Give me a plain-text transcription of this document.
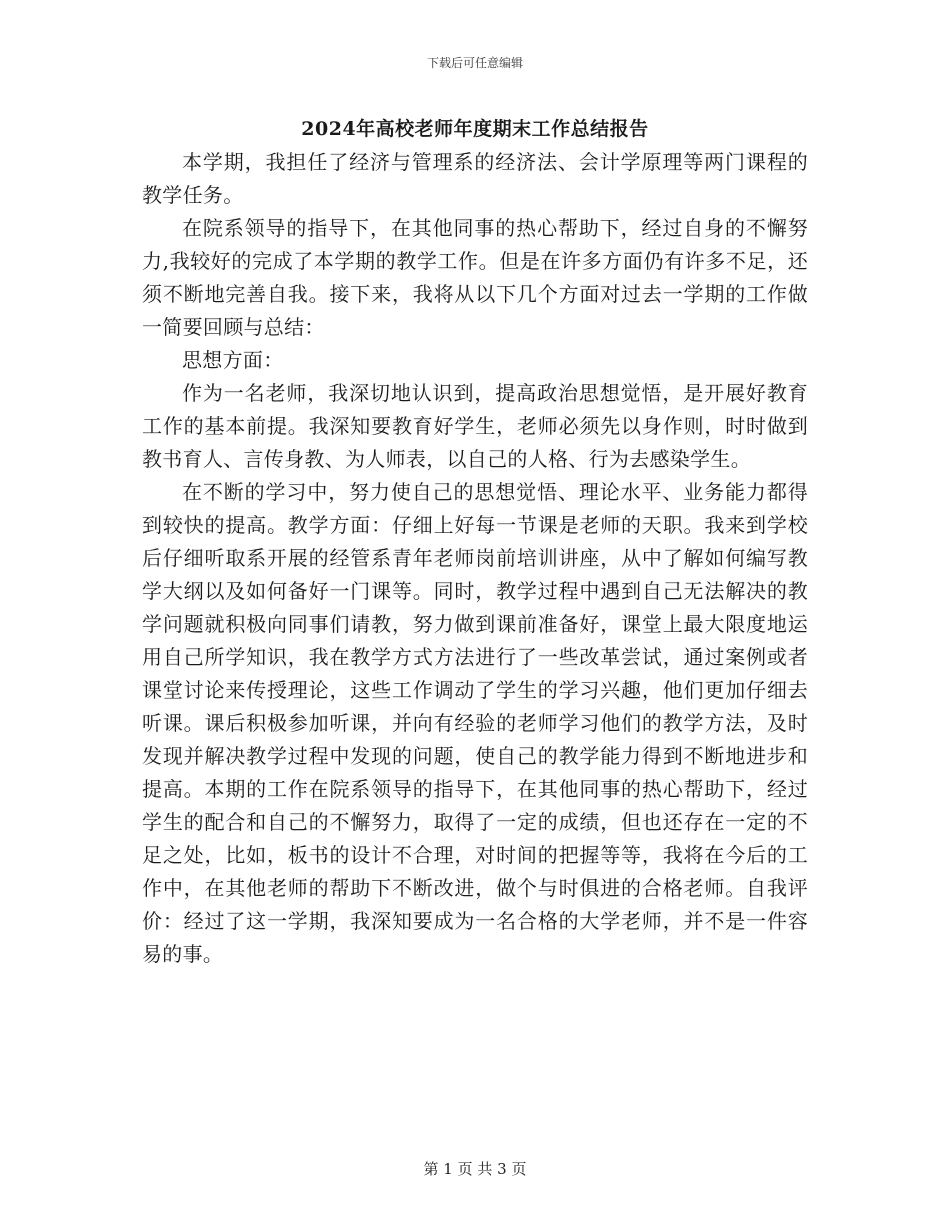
下载后可任意编辑
2024年高校老师年度期末工作总结报告

本学期，我担任了经济与管理系的经济法、会计学原理等两门课程的教学任务。

在院系领导的指导下，在其他同事的热心帮助下，经过自身的不懈努力,我较好的完成了本学期的教学工作。但是在许多方面仍有许多不足，还须不断地完善自我。接下来，我将从以下几个方面对过去一学期的工作做一简要回顾与总结：

思想方面：

作为一名老师，我深切地认识到，提高政治思想觉悟，是开展好教育工作的基本前提。我深知要教育好学生，老师必须先以身作则，时时做到教书育人、言传身教、为人师表，以自己的人格、行为去感染学生。

在不断的学习中，努力使自己的思想觉悟、理论水平、业务能力都得到较快的提高。教学方面：仔细上好每一节课是老师的天职。我来到学校后仔细听取系开展的经管系青年老师岗前培训讲座，从中了解如何编写教学大纲以及如何备好一门课等。同时，教学过程中遇到自己无法解决的教学问题就积极向同事们请教，努力做到课前准备好，课堂上最大限度地运用自己所学知识，我在教学方式方法进行了一些改革尝试，通过案例或者课堂讨论来传授理论，这些工作调动了学生的学习兴趣，他们更加仔细去听课。课后积极参加听课，并向有经验的老师学习他们的教学方法，及时发现并解决教学过程中发现的问题，使自己的教学能力得到不断地进步和提高。本期的工作在院系领导的指导下，在其他同事的热心帮助下，经过学生的配合和自己的不懈努力，取得了一定的成绩，但也还存在一定的不足之处，比如，板书的设计不合理，对时间的把握等等，我将在今后的工作中，在其他老师的帮助下不断改进，做个与时俱进的合格老师。自我评价：经过了这一学期，我深知要成为一名合格的大学老师，并不是一件容易的事。

第 1 页 共 3 页
